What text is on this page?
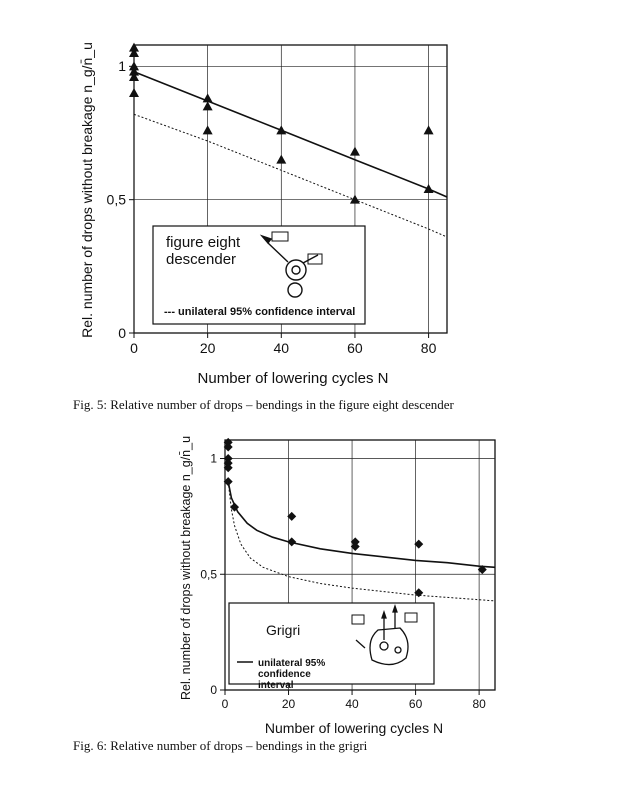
0	20	40	60	80
0
0,5
1
Number of lowering cycles N
Rel. number of drops without breakage n_g/n̄_u	figure eight descender
--- unilateral 95% confidence interval
Fig. 5: Relative number of drops – bendings in the figure eight descender
0	20	40	60	80
0
0,5
1
Number of lowering cycles N
Rel. number of drops without breakage n_g/n̄_u	Grigri
unilateral 95% confidence interval
Fig. 6: Relative number of drops – bendings in the grigri
